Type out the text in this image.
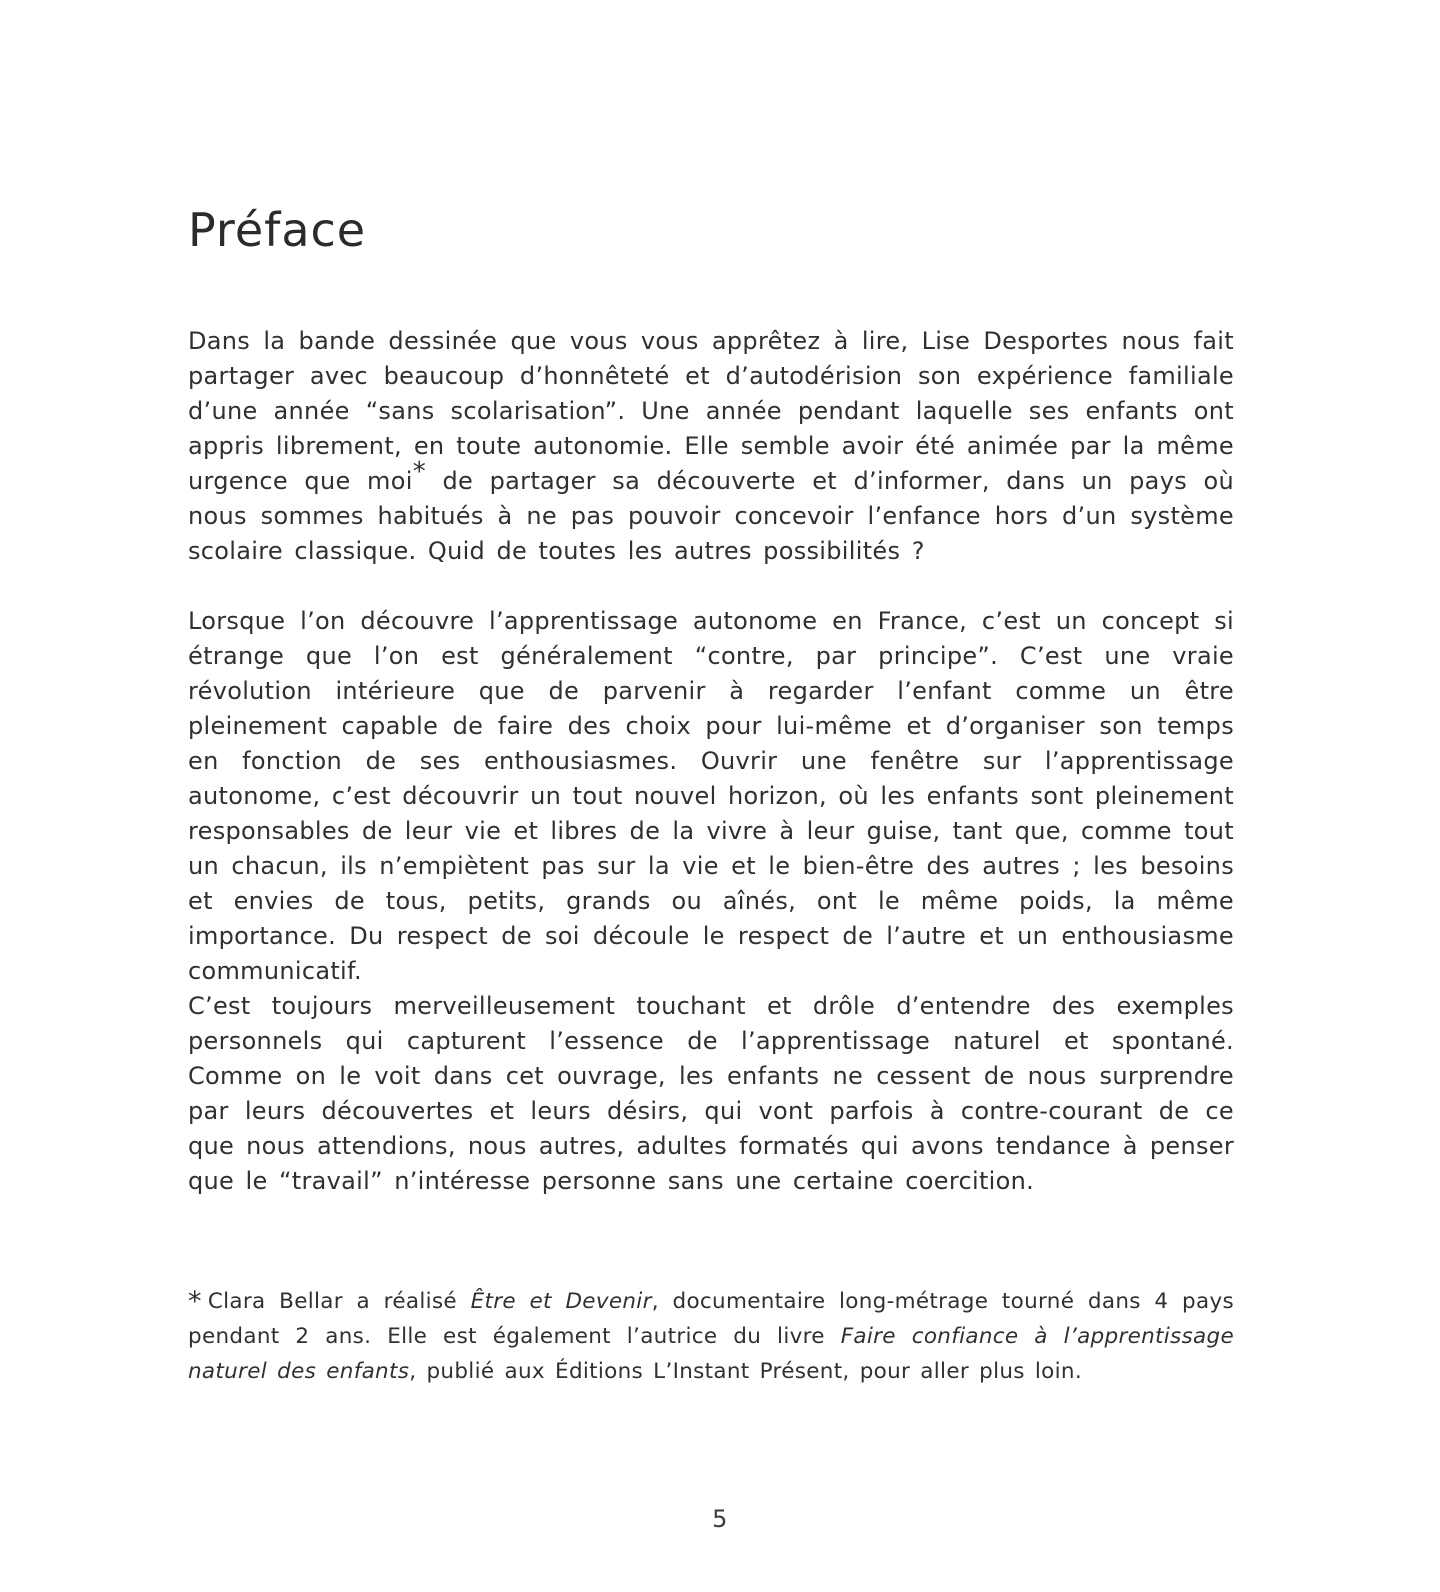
Préface

Dans la bande dessinée que vous vous apprêtez à lire, Lise Desportes nous fait partager avec beaucoup d’honnêteté et d’autodérision son expérience familiale d’une année “sans scolarisation”. Une année pendant laquelle ses enfants ont appris librement, en toute autonomie. Elle semble avoir été animée par la même urgence que moi* de partager sa découverte et d’informer, dans un pays où nous sommes habitués à ne pas pouvoir concevoir l’enfance hors d’un système scolaire classique. Quid de toutes les autres possibilités ?

Lorsque l’on découvre l’apprentissage autonome en France, c’est un concept si étrange que l’on est généralement “contre, par principe”. C’est une vraie révolution intérieure que de parvenir à regarder l’enfant comme un être pleinement capable de faire des choix pour lui-même et d’organiser son temps en fonction de ses enthousiasmes. Ouvrir une fenêtre sur l’apprentissage autonome, c’est découvrir un tout nouvel horizon, où les enfants sont pleinement responsables de leur vie et libres de la vivre à leur guise, tant que, comme tout un chacun, ils n’empiètent pas sur la vie et le bien-être des autres ; les besoins et envies de tous, petits, grands ou aînés, ont le même poids, la même importance. Du respect de soi découle le respect de l’autre et un enthousiasme communicatif.

C’est toujours merveilleusement touchant et drôle d’entendre des exemples personnels qui capturent l’essence de l’apprentissage naturel et spontané. Comme on le voit dans cet ouvrage, les enfants ne cessent de nous surprendre par leurs découvertes et leurs désirs, qui vont parfois à contre-courant de ce que nous attendions, nous autres, adultes formatés qui avons tendance à penser que le “travail” n’intéresse personne sans une certaine coercition.

* Clara Bellar a réalisé Être et Devenir, documentaire long-métrage tourné dans 4 pays pendant 2 ans. Elle est également l’autrice du livre Faire confiance à l’apprentissage naturel des enfants, publié aux Éditions L’Instant Présent, pour aller plus loin.

5
